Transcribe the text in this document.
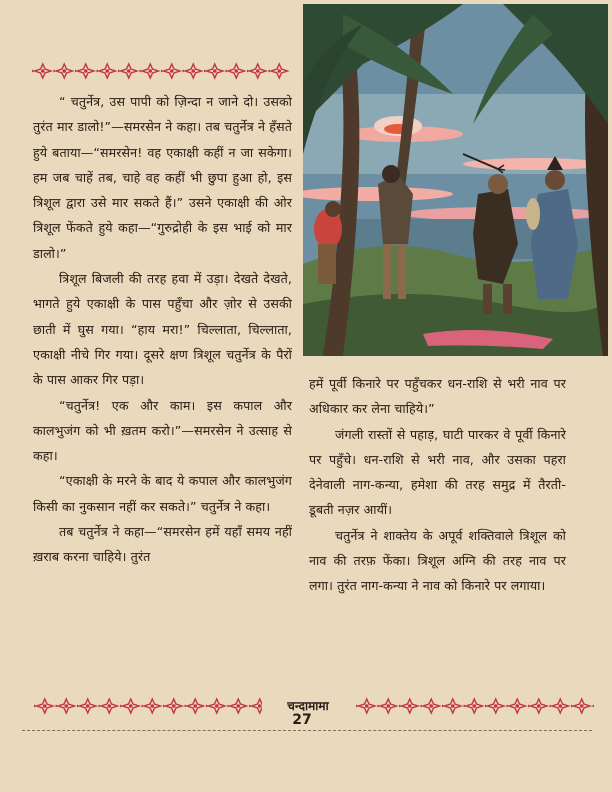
“ चतुर्नेत्र, उस पापी को ज़िन्दा न जाने दो। उसको तुरंत मार डालो!”—समरसेन ने कहा। तब चतुर्नेत्र ने हँसते हुये बताया—“समरसेन! वह एकाक्षी कहीं न जा सकेगा। हम जब चाहें तब, चाहे वह कहीं भी छुपा हुआ हो, इस त्रिशूल द्वारा उसे मार सकते हैं।” उसने एकाक्षी की ओर त्रिशूल फेंकते हुये कहा—“गुरुद्रोही के इस भाई को मार डालो।”

त्रिशूल बिजली की तरह हवा में उड़ा। देखते देखते, भागते हुये एकाक्षी के पास पहुँचा और ज़ोर से उसकी छाती में घुस गया। “हाय मरा!” चिल्लाता, चिल्लाता, एकाक्षी नीचे गिर गया। दूसरे क्षण त्रिशूल चतुर्नेत्र के पैरों के पास आकर गिर पड़ा।

“चतुर्नेत्र! एक और काम। इस कपाल और कालभुजंग को भी ख़तम करो।”—समरसेन ने उत्साह से कहा।

“एकाक्षी के मरने के बाद ये कपाल और कालभुजंग किसी का नुकसान नहीं कर सकते।” चतुर्नेत्र ने कहा।

तब चतुर्नेत्र ने कहा—“समरसेन हमें यहाँ समय नहीं ख़राब करना चाहिये। तुरंत

हमें पूर्वी किनारे पर पहुँचकर धन-राशि से भरी नाव पर अधिकार कर लेना चाहिये।”

जंगली रास्तों से पहाड़, घाटी पारकर वे पूर्वी किनारे पर पहुँचे। धन-राशि से भरी नाव, और उसका पहरा देनेवाली नाग-कन्या, हमेशा की तरह समुद्र में तैरती-डूबती नज़र आयीं।

चतुर्नेत्र ने शाक्तेय के अपूर्व शक्तिवाले त्रिशूल को नाव की तरफ़ फेंका। त्रिशूल अग्नि की तरह नाव पर लगा। तुरंत नाग-कन्या ने नाव को किनारे पर लगाया।

चन्दामामा
27
